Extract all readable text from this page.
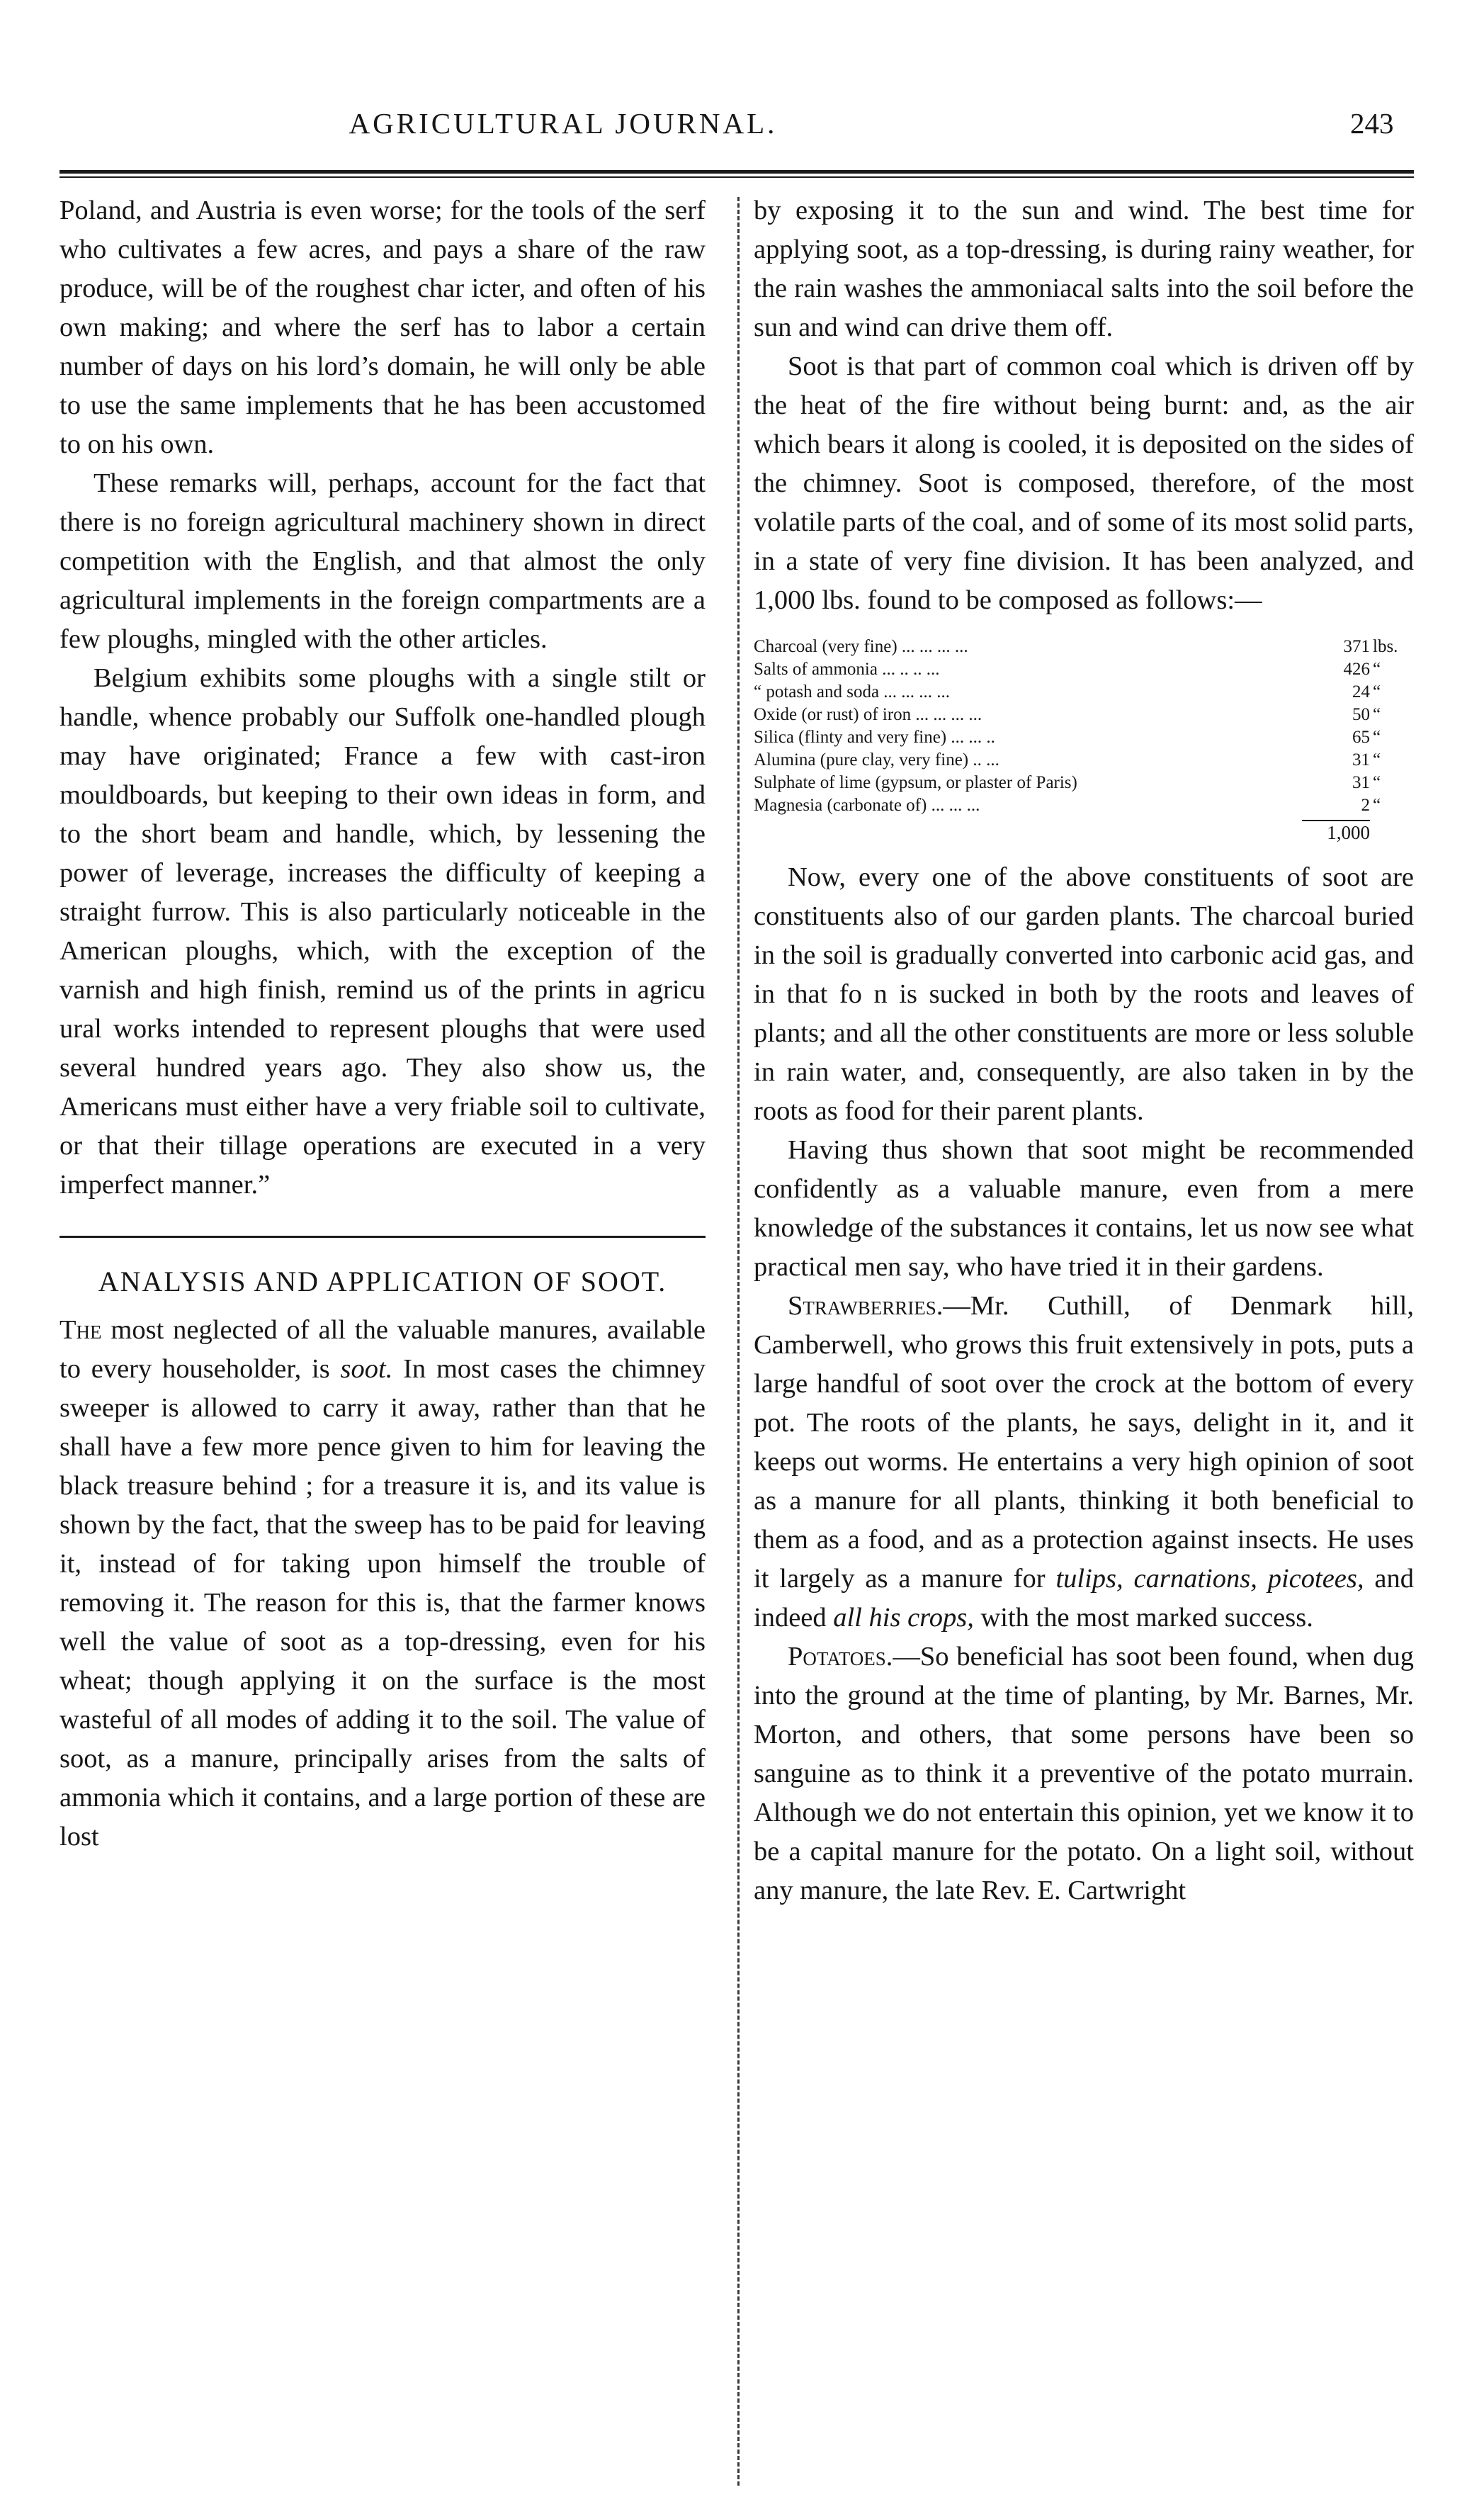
AGRICULTURAL JOURNAL.	243

Poland, and Austria is even worse; for the tools of the serf who cultivates a few acres, and pays a share of the raw produce, will be of the roughest char icter, and often of his own making; and where the serf has to labor a certain number of days on his lord’s domain, he will only be able to use the same implements that he has been accustomed to on his own.

These remarks will, perhaps, account for the fact that there is no foreign agricultural machinery shown in direct competition with the English, and that almost the only agricultural implements in the foreign compartments are a few ploughs, mingled with the other articles.

Belgium exhibits some ploughs with a single stilt or handle, whence probably our Suffolk one-handled plough may have originated; France a few with cast-iron mouldboards, but keeping to their own ideas in form, and to the short beam and handle, which, by lessening the power of leverage, increases the difficulty of keeping a straight furrow. This is also particularly noticeable in the American ploughs, which, with the exception of the varnish and high finish, remind us of the prints in agricu ural works intended to represent ploughs that were used several hundred years ago. They also show us, the Americans must either have a very friable soil to cultivate, or that their tillage operations are executed in a very imperfect manner.”

ANALYSIS AND APPLICATION OF SOOT.

The most neglected of all the valuable manures, available to every householder, is soot. In most cases the chimney sweeper is allowed to carry it away, rather than that he shall have a few more pence given to him for leaving the black treasure behind ; for a treasure it is, and its value is shown by the fact, that the sweep has to be paid for leaving it, instead of for taking upon himself the trouble of removing it. The reason for this is, that the farmer knows well the value of soot as a top-dressing, even for his wheat; though applying it on the surface is the most wasteful of all modes of adding it to the soil. The value of soot, as a manure, principally arises from the salts of ammonia which it contains, and a large portion of these are lost

by exposing it to the sun and wind. The best time for applying soot, as a top-dressing, is during rainy weather, for the rain washes the ammoniacal salts into the soil before the sun and wind can drive them off.

Soot is that part of common coal which is driven off by the heat of the fire without being burnt: and, as the air which bears it along is cooled, it is deposited on the sides of the chimney. Soot is composed, therefore, of the most volatile parts of the coal, and of some of its most solid parts, in a state of very fine division. It has been analyzed, and 1,000 lbs. found to be composed as follows:—

Charcoal (very fine) ... ... ... ...	371 lbs.
Salts of ammonia ... .. .. ...	426 “
“ potash and soda ... ... ... ...	24 “
Oxide (or rust) of iron ... ... ... ...	50 “
Silica (flinty and very fine) ... ... ..	65 “
Alumina (pure clay, very fine) .. ...	31 “
Sulphate of lime (gypsum, or plaster of Paris)	31 “
Magnesia (carbonate of) ... ... ...	2 “
1,000

Now, every one of the above constituents of soot are constituents also of our garden plants. The charcoal buried in the soil is gradually converted into carbonic acid gas, and in that fo n is sucked in both by the roots and leaves of plants; and all the other constituents are more or less soluble in rain water, and, consequently, are also taken in by the roots as food for their parent plants.

Having thus shown that soot might be recommended confidently as a valuable manure, even from a mere knowledge of the substances it contains, let us now see what practical men say, who have tried it in their gardens.

Strawberries.—Mr. Cuthill, of Denmark hill, Camberwell, who grows this fruit extensively in pots, puts a large handful of soot over the crock at the bottom of every pot. The roots of the plants, he says, delight in it, and it keeps out worms. He entertains a very high opinion of soot as a manure for all plants, thinking it both beneficial to them as a food, and as a protection against insects. He uses it largely as a manure for tulips, carnations, picotees, and indeed all his crops, with the most marked success.

Potatoes.—So beneficial has soot been found, when dug into the ground at the time of planting, by Mr. Barnes, Mr. Morton, and others, that some persons have been so sanguine as to think it a preventive of the potato murrain. Although we do not entertain this opinion, yet we know it to be a capital manure for the potato. On a light soil, without any manure, the late Rev. E. Cartwright
